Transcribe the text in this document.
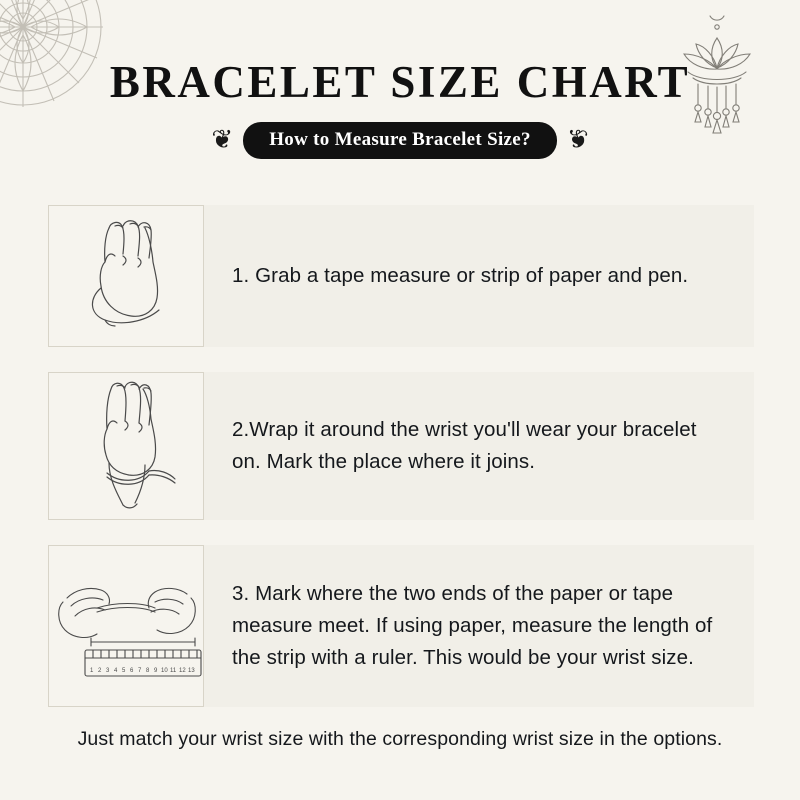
BRACELET SIZE CHART
❦	How to Measure Bracelet Size?	❦
1. Grab a tape measure or strip of paper and pen.
2.Wrap it around the wrist you'll wear your bracelet on. Mark the place where it joins.
1 2 3 4 5 6 7 8 9 10 11 12 13
3. Mark where the two ends of the paper or tape measure meet. If using paper, measure the length of the strip with a ruler. This would be your wrist size.
Just match your wrist size with the corresponding wrist size in the options.
